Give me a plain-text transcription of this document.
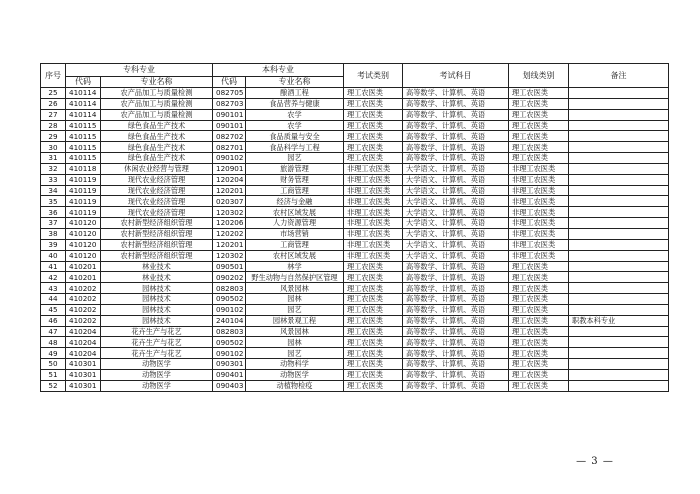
序号	专科专业		本科专业		考试类别	考试科目	划线类别	备注
	代码	专业名称	代码	专业名称				
25	410114	农产品加工与质量检测	082705	酿酒工程	理工农医类	高等数学、计算机、英语	理工农医类	
26	410114	农产品加工与质量检测	082703	食品营养与健康	理工农医类	高等数学、计算机、英语	理工农医类	
27	410114	农产品加工与质量检测	090101	农学	理工农医类	高等数学、计算机、英语	理工农医类	
28	410115	绿色食品生产技术	090101	农学	理工农医类	高等数学、计算机、英语	理工农医类	
29	410115	绿色食品生产技术	082702	食品质量与安全	理工农医类	高等数学、计算机、英语	理工农医类	
30	410115	绿色食品生产技术	082701	食品科学与工程	理工农医类	高等数学、计算机、英语	理工农医类	
31	410115	绿色食品生产技术	090102	园艺	理工农医类	高等数学、计算机、英语	理工农医类	
32	410118	休闲农业经营与管理	120901	旅游管理	非理工农医类	大学语文、计算机、英语	非理工农医类	
33	410119	现代农业经济管理	120204	财务管理	非理工农医类	大学语文、计算机、英语	非理工农医类	
34	410119	现代农业经济管理	120201	工商管理	非理工农医类	大学语文、计算机、英语	非理工农医类	
35	410119	现代农业经济管理	020307	经济与金融	非理工农医类	大学语文、计算机、英语	非理工农医类	
36	410119	现代农业经济管理	120302	农村区域发展	非理工农医类	大学语文、计算机、英语	非理工农医类	
37	410120	农村新型经济组织管理	120206	人力资源管理	非理工农医类	大学语文、计算机、英语	非理工农医类	
38	410120	农村新型经济组织管理	120202	市场营销	非理工农医类	大学语文、计算机、英语	非理工农医类	
39	410120	农村新型经济组织管理	120201	工商管理	非理工农医类	大学语文、计算机、英语	非理工农医类	
40	410120	农村新型经济组织管理	120302	农村区域发展	非理工农医类	大学语文、计算机、英语	非理工农医类	
41	410201	林业技术	090501	林学	理工农医类	高等数学、计算机、英语	理工农医类	
42	410201	林业技术	090202	野生动物与自然保护区管理	理工农医类	高等数学、计算机、英语	理工农医类	
43	410202	园林技术	082803	风景园林	理工农医类	高等数学、计算机、英语	理工农医类	
44	410202	园林技术	090502	园林	理工农医类	高等数学、计算机、英语	理工农医类	
45	410202	园林技术	090102	园艺	理工农医类	高等数学、计算机、英语	理工农医类	
46	410202	园林技术	240104	园林景观工程	理工农医类	高等数学、计算机、英语	理工农医类	职教本科专业
47	410204	花卉生产与花艺	082803	风景园林	理工农医类	高等数学、计算机、英语	理工农医类	
48	410204	花卉生产与花艺	090502	园林	理工农医类	高等数学、计算机、英语	理工农医类	
49	410204	花卉生产与花艺	090102	园艺	理工农医类	高等数学、计算机、英语	理工农医类	
50	410301	动物医学	090301	动物科学	理工农医类	高等数学、计算机、英语	理工农医类	
51	410301	动物医学	090401	动物医学	理工农医类	高等数学、计算机、英语	理工农医类	
52	410301	动物医学	090403	动植物检疫	理工农医类	高等数学、计算机、英语	理工农医类	
— 3 —
